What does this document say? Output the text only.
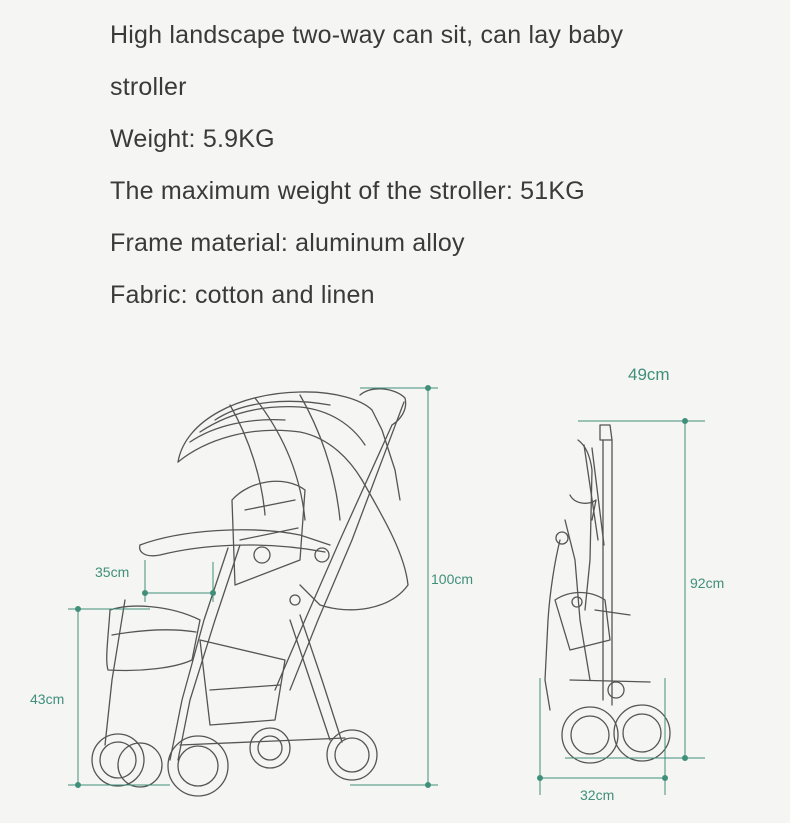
High landscape two-way can sit, can lay baby
stroller
Weight: 5.9KG
The maximum weight of the stroller: 51KG
Frame material: aluminum alloy
Fabric: cotton and linen
100cm
43cm
35cm
92cm
49cm
32cm
